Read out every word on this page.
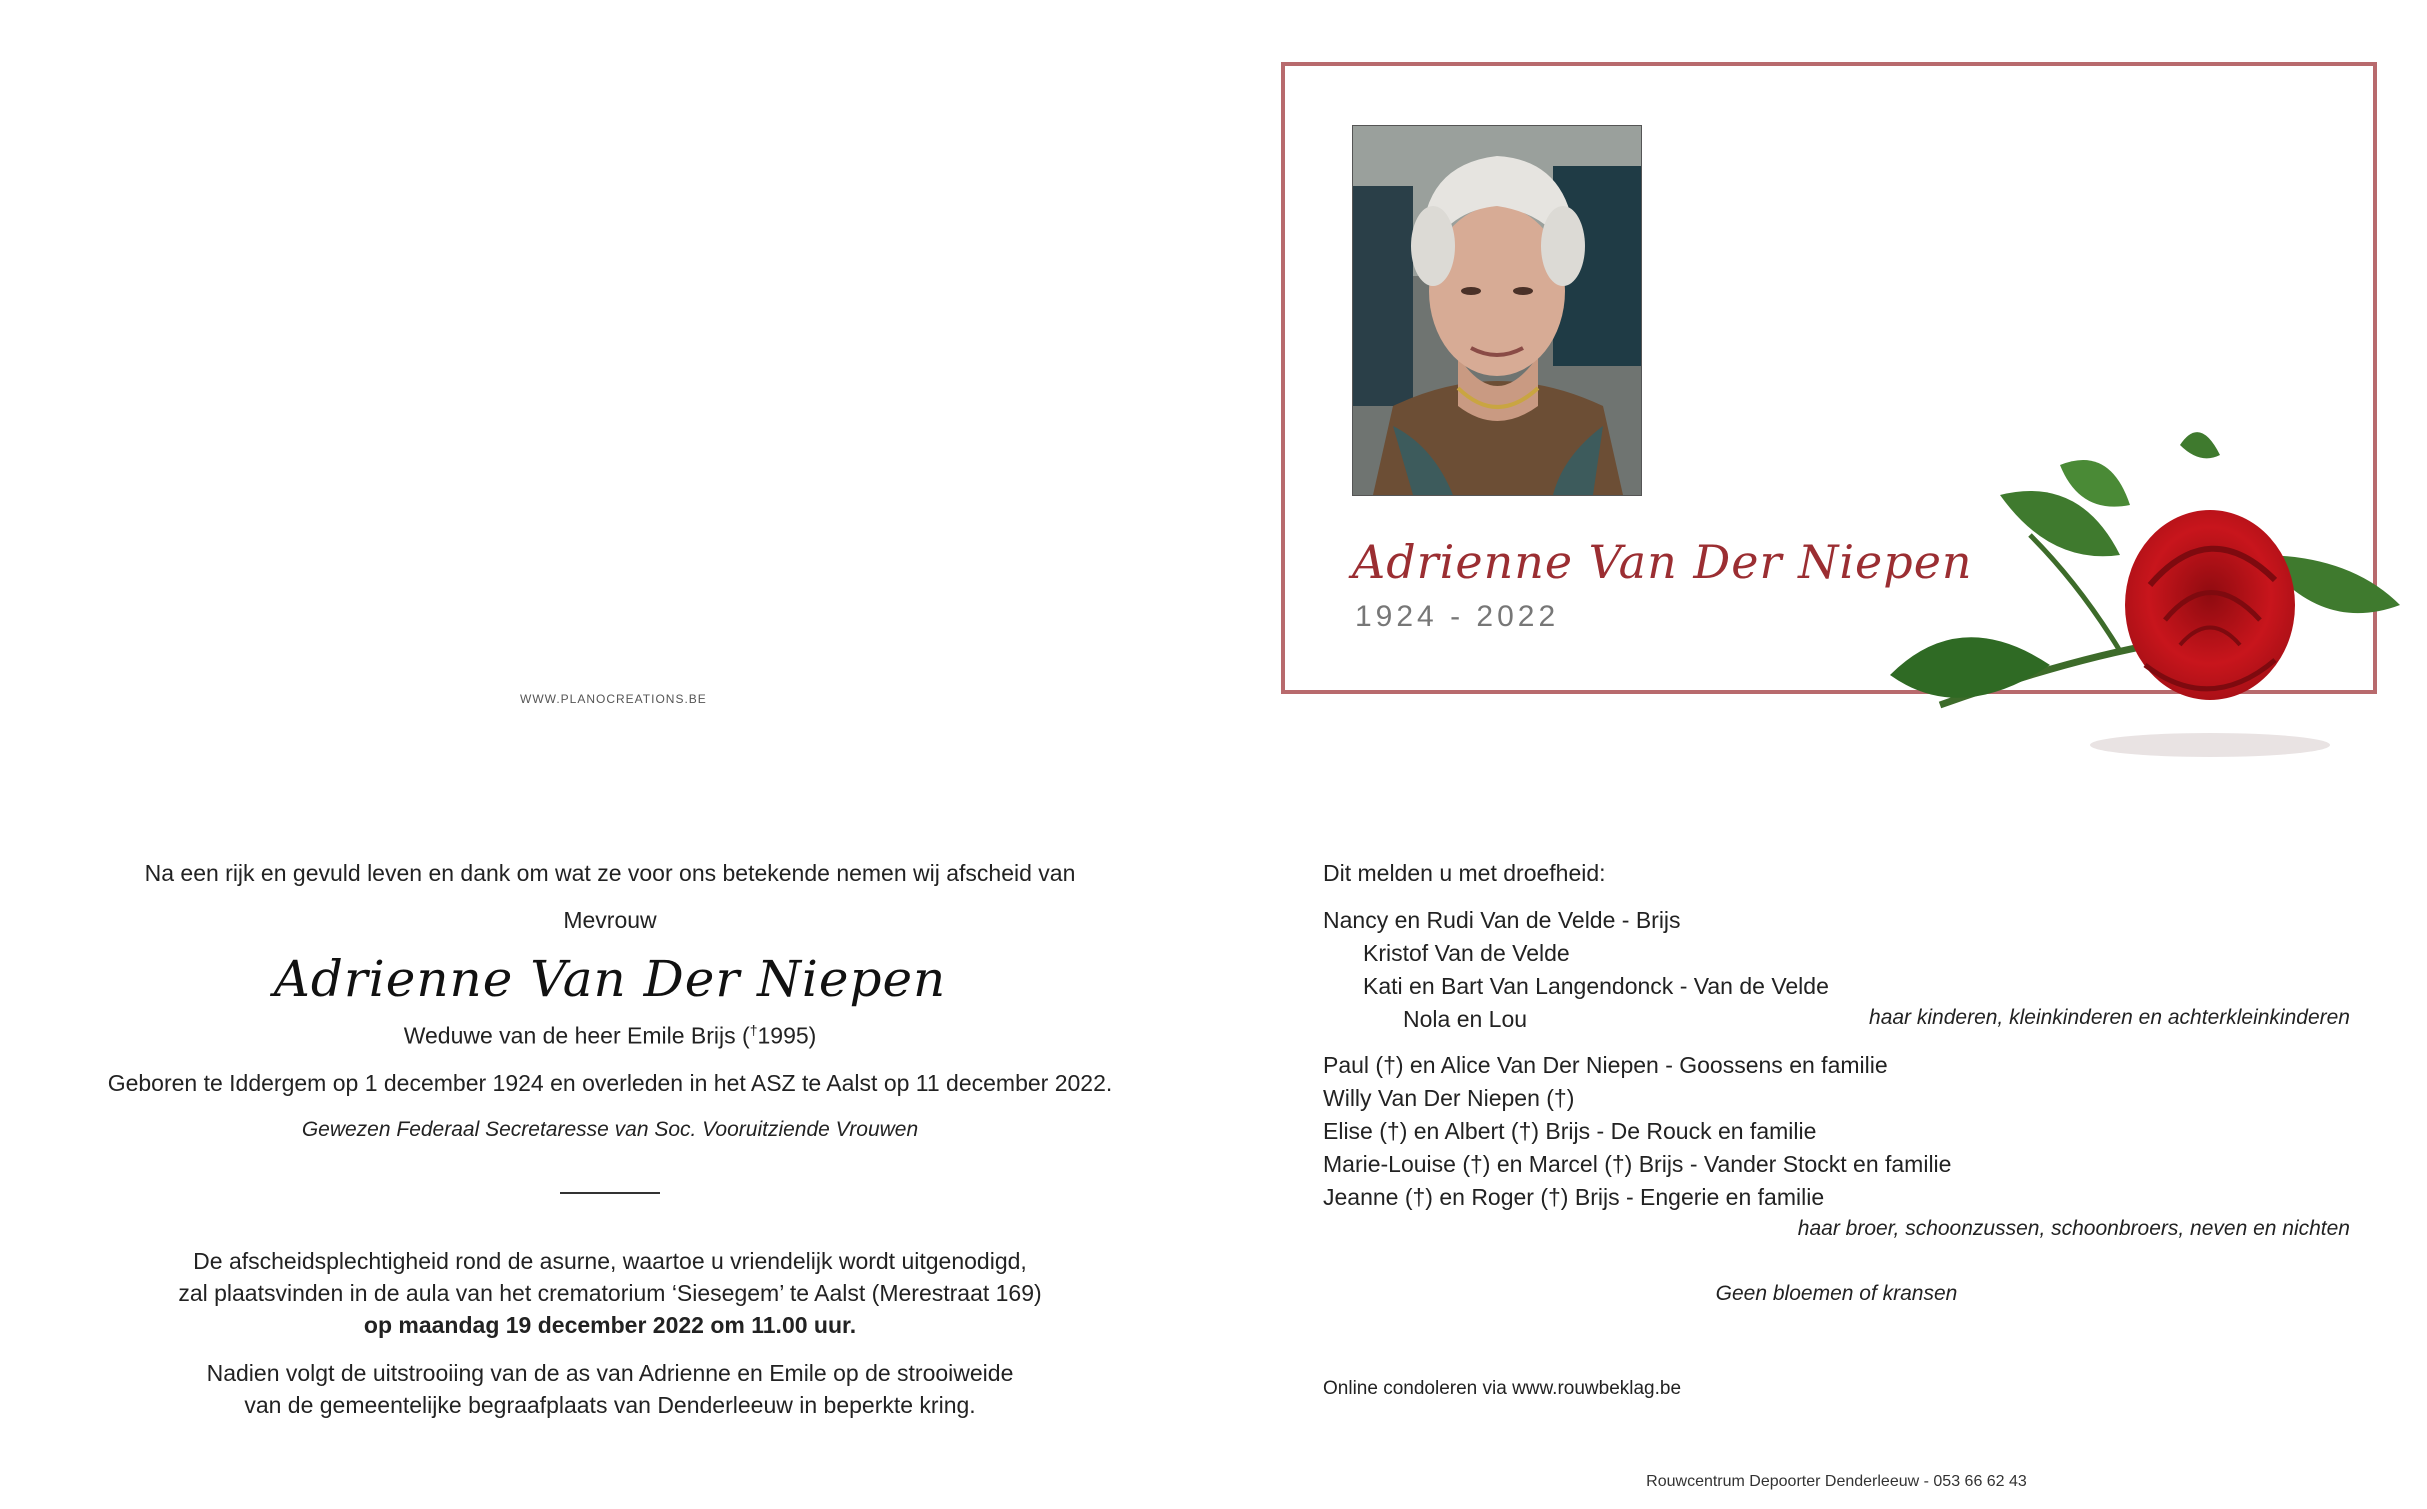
WWW.PLANOCREATIONS.BE
Adrienne Van Der Niepen
1924 - 2022
Na een rijk en gevuld leven en dank om wat ze voor ons betekende nemen wij afscheid van
Mevrouw
Adrienne Van Der Niepen
Weduwe van de heer Emile Brijs (†1995)
Geboren te Iddergem op 1 december 1924 en overleden in het ASZ te Aalst op 11 december 2022.
Gewezen Federaal Secretaresse van Soc. Vooruitziende Vrouwen
De afscheidsplechtigheid rond de asurne, waartoe u vriendelijk wordt uitgenodigd,
zal plaatsvinden in de aula van het crematorium ‘Siesegem’ te Aalst (Merestraat 169)
op maandag 19 december 2022 om 11.00 uur.
Nadien volgt de uitstrooiing van de as van Adrienne en Emile op de strooiweide
van de gemeentelijke begraafplaats van Denderleeuw in beperkte kring.
Dit melden u met droefheid:
Nancy en Rudi Van de Velde - Brijs
Kristof Van de Velde
Kati en Bart Van Langendonck - Van de Velde
Nola en Lou	haar kinderen, kleinkinderen en achterkleinkinderen
Paul (†) en Alice Van Der Niepen - Goossens en familie
Willy Van Der Niepen (†)
Elise (†) en Albert (†) Brijs - De Rouck en familie
Marie-Louise (†) en Marcel (†) Brijs - Vander Stockt en familie
Jeanne (†) en Roger (†) Brijs - Engerie en familie
haar broer, schoonzussen, schoonbroers, neven en nichten
Geen bloemen of kransen
Online condoleren via www.rouwbeklag.be
Rouwcentrum Depoorter Denderleeuw - 053 66 62 43
